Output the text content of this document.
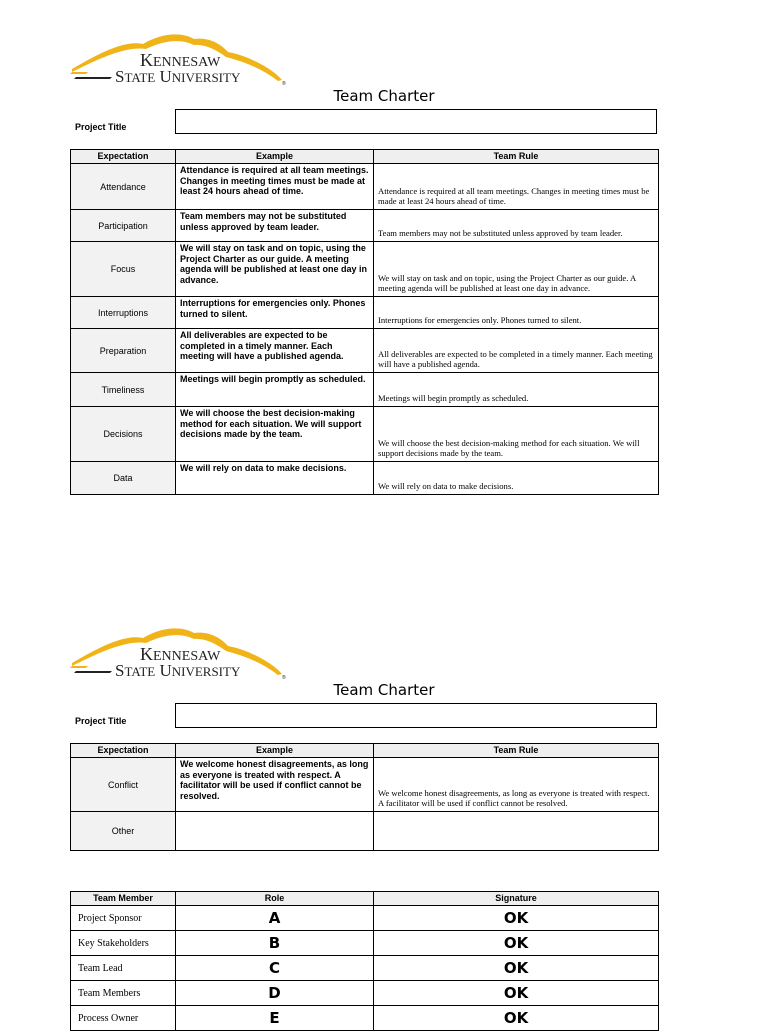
KENNESAW
STATE UNIVERSITY	®
Team Charter
Project Title
Expectation	Example	Team Rule
Attendance	Attendance is required at all team meetings. Changes in meeting times must be made at least 24 hours ahead of time.	Attendance is required at all team meetings. Changes in meeting times must be made at least 24 hours ahead of time.
Participation	Team members may not be substituted unless approved by team leader.	Team members may not be substituted unless approved by team leader.
Focus	We will stay on task and on topic, using the Project Charter as our guide. A meeting agenda will be published at least one day in advance.	We will stay on task and on topic, using the Project Charter as our guide. A meeting agenda will be published at least one day in advance.
Interruptions	Interruptions for emergencies only. Phones turned to silent.	Interruptions for emergencies only. Phones turned to silent.
Preparation	All deliverables are expected to be completed in a timely manner. Each meeting will have a published agenda.	All deliverables are expected to be completed in a timely manner. Each meeting will have a published agenda.
Timeliness	Meetings will begin promptly as scheduled.	Meetings will begin promptly as scheduled.
Decisions	We will choose the best decision-making method for each situation. We will support decisions made by the team.	We will choose the best decision-making method for each situation. We will support decisions made by the team.
Data	We will rely on data to make decisions.	We will rely on data to make decisions.
KENNESAW
STATE UNIVERSITY	®
Team Charter
Project Title
Expectation	Example	Team Rule
Conflict	We welcome honest disagreements, as long as everyone is treated with respect. A facilitator will be used if conflict cannot be resolved.	We welcome honest disagreements, as long as everyone is treated with respect. A facilitator will be used if conflict cannot be resolved.
Other		
Team Member	Role	Signature
Project Sponsor	A	OK
Key Stakeholders	B	OK
Team Lead	C	OK
Team Members	D	OK
Process Owner	E	OK
